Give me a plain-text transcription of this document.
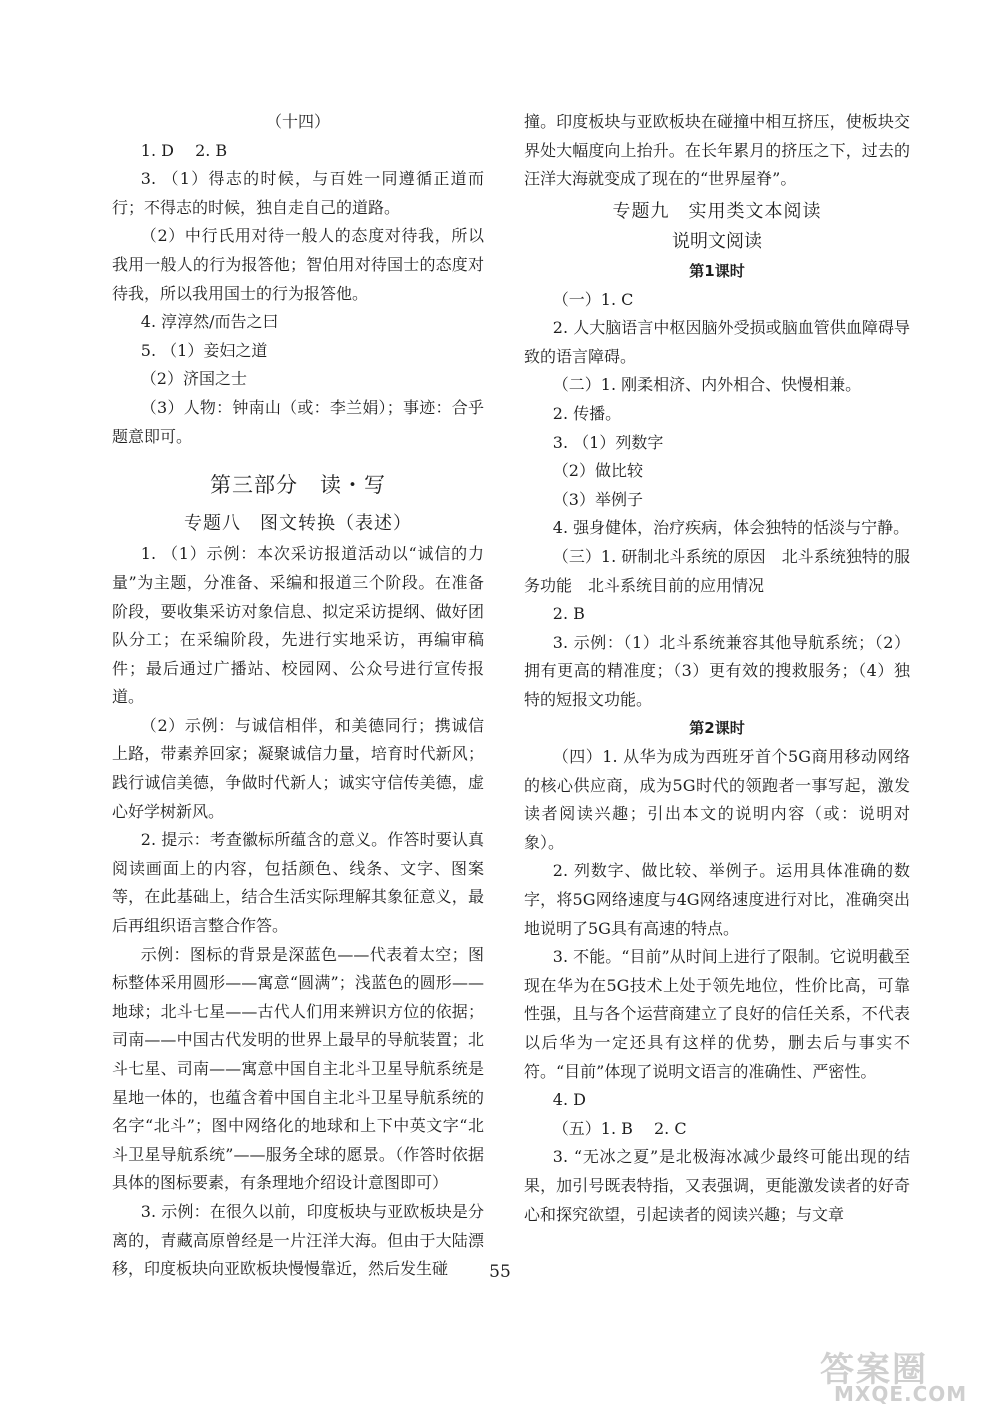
（十四）

1. D　 2. B

3. （1）得志的时候，与百姓一同遵循正道而行；不得志的时候，独自走自己的道路。

（2）中行氏用对待一般人的态度对待我，所以我用一般人的行为报答他；智伯用对待国士的态度对待我，所以我用国士的行为报答他。

4. 淳淳然/而告之曰

5. （1）妾妇之道

（2）济国之士

（3）人物：钟南山（或：李兰娟）；事迹：合乎题意即可。

第三部分　读・写

专题八　图文转换（表述）

1. （1）示例：本次采访报道活动以“诚信的力量”为主题，分准备、采编和报道三个阶段。在准备阶段，要收集采访对象信息、拟定采访提纲、做好团队分工；在采编阶段，先进行实地采访，再编审稿件；最后通过广播站、校园网、公众号进行宣传报道。

（2）示例：与诚信相伴，和美德同行；携诚信上路，带素养回家；凝聚诚信力量，培育时代新风；践行诚信美德，争做时代新人；诚实守信传美德，虚心好学树新风。

2. 提示：考查徽标所蕴含的意义。作答时要认真阅读画面上的内容，包括颜色、线条、文字、图案等，在此基础上，结合生活实际理解其象征意义，最后再组织语言整合作答。

示例：图标的背景是深蓝色——代表着太空；图标整体采用圆形——寓意“圆满”；浅蓝色的圆形——地球；北斗七星——古代人们用来辨识方位的依据；司南——中国古代发明的世界上最早的导航装置；北斗七星、司南——寓意中国自主北斗卫星导航系统是星地一体的，也蕴含着中国自主北斗卫星导航系统的名字“北斗”；图中网络化的地球和上下中英文字“北斗卫星导航系统”——服务全球的愿景。（作答时依据具体的图标要素，有条理地介绍设计意图即可）

3. 示例：在很久以前，印度板块与亚欧板块是分离的，青藏高原曾经是一片汪洋大海。但由于大陆漂移，印度板块向亚欧板块慢慢靠近，然后发生碰

撞。印度板块与亚欧板块在碰撞中相互挤压，使板块交界处大幅度向上抬升。在长年累月的挤压之下，过去的汪洋大海就变成了现在的“世界屋脊”。

专题九　实用类文本阅读

说明文阅读

第1课时

（一）1. C

2. 人大脑语言中枢因脑外受损或脑血管供血障碍导致的语言障碍。

（二）1. 刚柔相济、内外相合、快慢相兼。

2. 传播。

3. （1）列数字

（2）做比较

（3）举例子

4. 强身健体，治疗疾病，体会独特的恬淡与宁静。

（三）1. 研制北斗系统的原因　北斗系统独特的服务功能　北斗系统目前的应用情况

2. B

3. 示例：（1）北斗系统兼容其他导航系统；（2）拥有更高的精准度；（3）更有效的搜救服务；（4）独特的短报文功能。

第2课时

（四）1. 从华为成为西班牙首个5G商用移动网络的核心供应商，成为5G时代的领跑者一事写起，激发读者阅读兴趣；引出本文的说明内容（或：说明对象）。

2. 列数字、做比较、举例子。运用具体准确的数字，将5G网络速度与4G网络速度进行对比，准确突出地说明了5G具有高速的特点。

3. 不能。“目前”从时间上进行了限制。它说明截至现在华为在5G技术上处于领先地位，性价比高，可靠性强，且与各个运营商建立了良好的信任关系，不代表以后华为一定还具有这样的优势，删去后与事实不符。“目前”体现了说明文语言的准确性、严密性。

4. D

（五）1. B　 2. C

3. “无冰之夏”是北极海冰减少最终可能出现的结果，加引号既表特指，又表强调，更能激发读者的好奇心和探究欲望，引起读者的阅读兴趣；与文章

55
答案圈
MXQE.COM
